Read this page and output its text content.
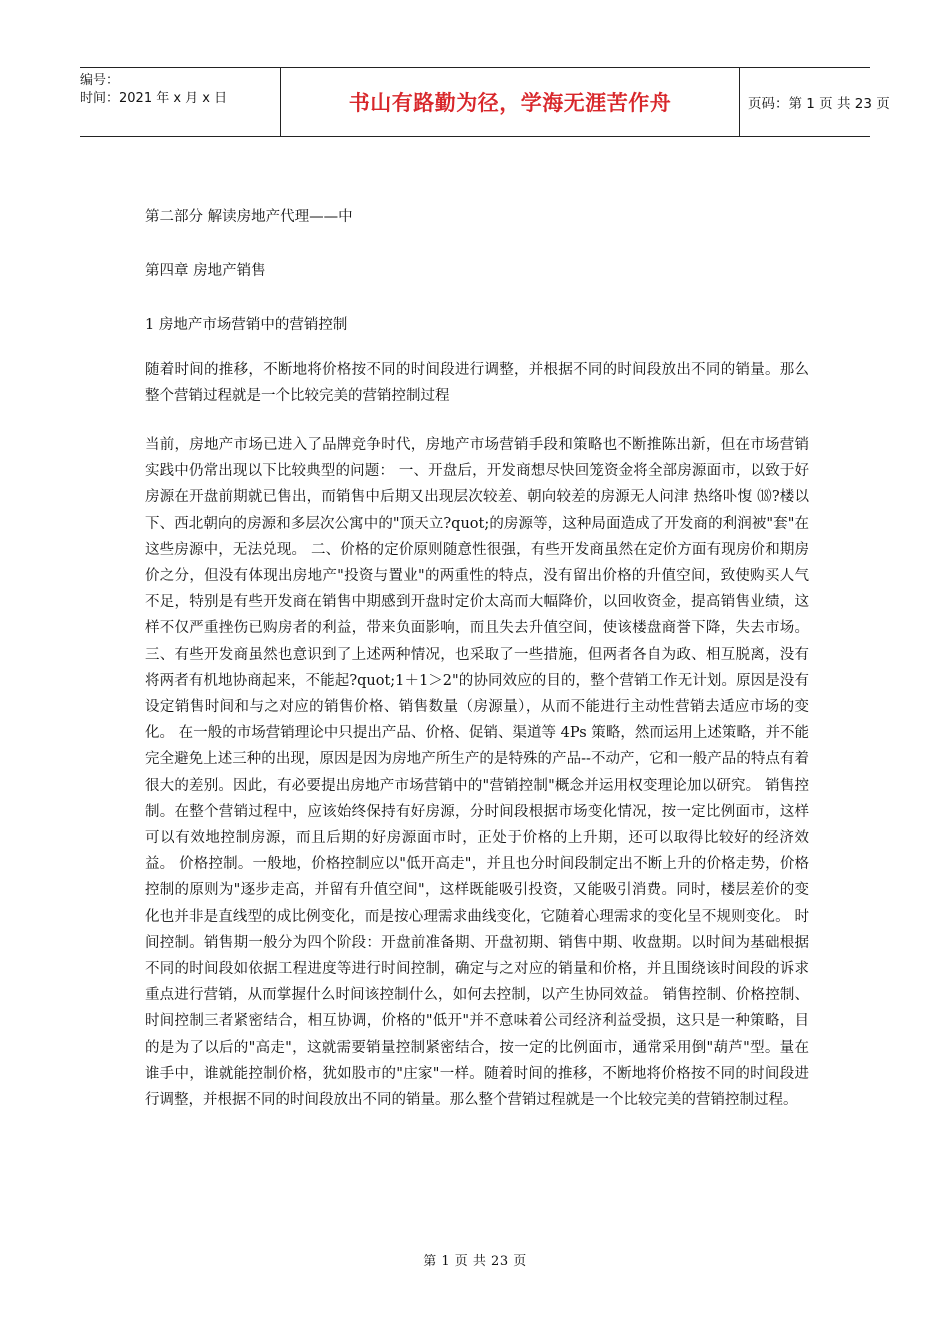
编号：
时间：2021 年 x 月 x 日	书山有路勤为径，学海无涯苦作舟	页码：第 1 页 共 23 页
第二部分 解读房地产代理——中
第四章 房地产销售
1 房地产市场营销中的营销控制

随着时间的推移，不断地将价格按不同的时间段进行调整，并根据不同的时间段放出不同的销量。那么整个营销过程就是一个比较完美的营销控制过程

当前，房地产市场已进入了品牌竞争时代，房地产市场营销手段和策略也不断推陈出新，但在市场营销实践中仍常出现以下比较典型的问题： 一、开盘后，开发商想尽快回笼资金将全部房源面市，以致于好房源在开盘前期就已售出，而销售中后期又出现层次较差、朝向较差的房源无人问津 热络卟愎 ⒅?楼以下、西北朝向的房源和多层次公寓中的"顶天立?quot;的房源等，这种局面造成了开发商的利润被"套"在这些房源中，无法兑现。 二、价格的定价原则随意性很强，有些开发商虽然在定价方面有现房价和期房价之分，但没有体现出房地产"投资与置业"的两重性的特点，没有留出价格的升值空间，致使购买人气不足，特别是有些开发商在销售中期感到开盘时定价太高而大幅降价，以回收资金，提高销售业绩，这样不仅严重挫伤已购房者的利益，带来负面影响，而且失去升值空间，使该楼盘商誉下降，失去市场。 三、有些开发商虽然也意识到了上述两种情况，也采取了一些措施，但两者各自为政、相互脱离，没有将两者有机地协商起来，不能起?quot;1＋1＞2"的协同效应的目的，整个营销工作无计划。原因是没有设定销售时间和与之对应的销售价格、销售数量（房源量），从而不能进行主动性营销去适应市场的变化。 在一般的市场营销理论中只提出产品、价格、促销、渠道等 4Ps 策略，然而运用上述策略，并不能完全避免上述三种的出现，原因是因为房地产所生产的是特殊的产品--不动产，它和一般产品的特点有着很大的差别。因此，有必要提出房地产市场营销中的"营销控制"概念并运用权变理论加以研究。 销售控制。在整个营销过程中，应该始终保持有好房源，分时间段根据市场变化情况，按一定比例面市，这样可以有效地控制房源，而且后期的好房源面市时，正处于价格的上升期，还可以取得比较好的经济效益。 价格控制。一般地，价格控制应以"低开高走"，并且也分时间段制定出不断上升的价格走势，价格控制的原则为"逐步走高，并留有升值空间"，这样既能吸引投资，又能吸引消费。同时，楼层差价的变化也并非是直线型的成比例变化，而是按心理需求曲线变化，它随着心理需求的变化呈不规则变化。 时间控制。销售期一般分为四个阶段：开盘前准备期、开盘初期、销售中期、收盘期。以时间为基础根据不同的时间段如依据工程进度等进行时间控制，确定与之对应的销量和价格，并且围绕该时间段的诉求重点进行营销，从而掌握什么时间该控制什么，如何去控制，以产生协同效益。 销售控制、价格控制、时间控制三者紧密结合，相互协调，价格的"低开"并不意味着公司经济利益受损，这只是一种策略，目的是为了以后的"高走"，这就需要销量控制紧密结合，按一定的比例面市，通常采用倒"葫芦"型。量在谁手中，谁就能控制价格，犹如股市的"庄家"一样。随着时间的推移，不断地将价格按不同的时间段进行调整，并根据不同的时间段放出不同的销量。那么整个营销过程就是一个比较完美的营销控制过程。

第 1 页 共 23 页
